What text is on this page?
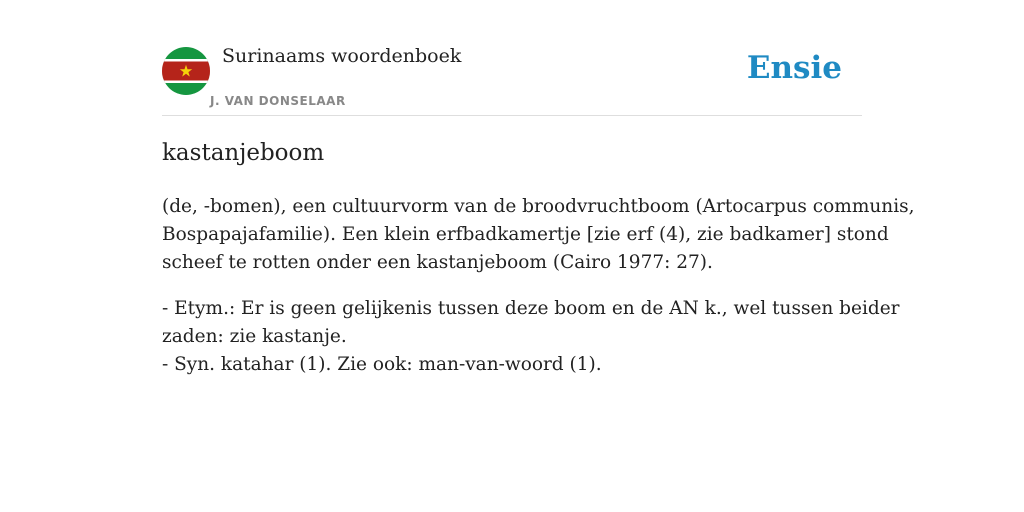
Surinaams woordenboek
J. VAN DONSELAAR
Ensie
kastanjeboom

(de, -bomen), een cultuurvorm van de broodvruchtboom (Artocarpus communis,
Bospapajafamilie). Een klein erfbadkamertje [zie erf (4), zie badkamer] stond
scheef te rotten onder een kastanjeboom (Cairo 1977: 27).

- Etym.: Er is geen gelijkenis tussen deze boom en de AN k., wel tussen beider
zaden: zie kastanje.
- Syn. katahar (1). Zie ook: man-van-woord (1).
